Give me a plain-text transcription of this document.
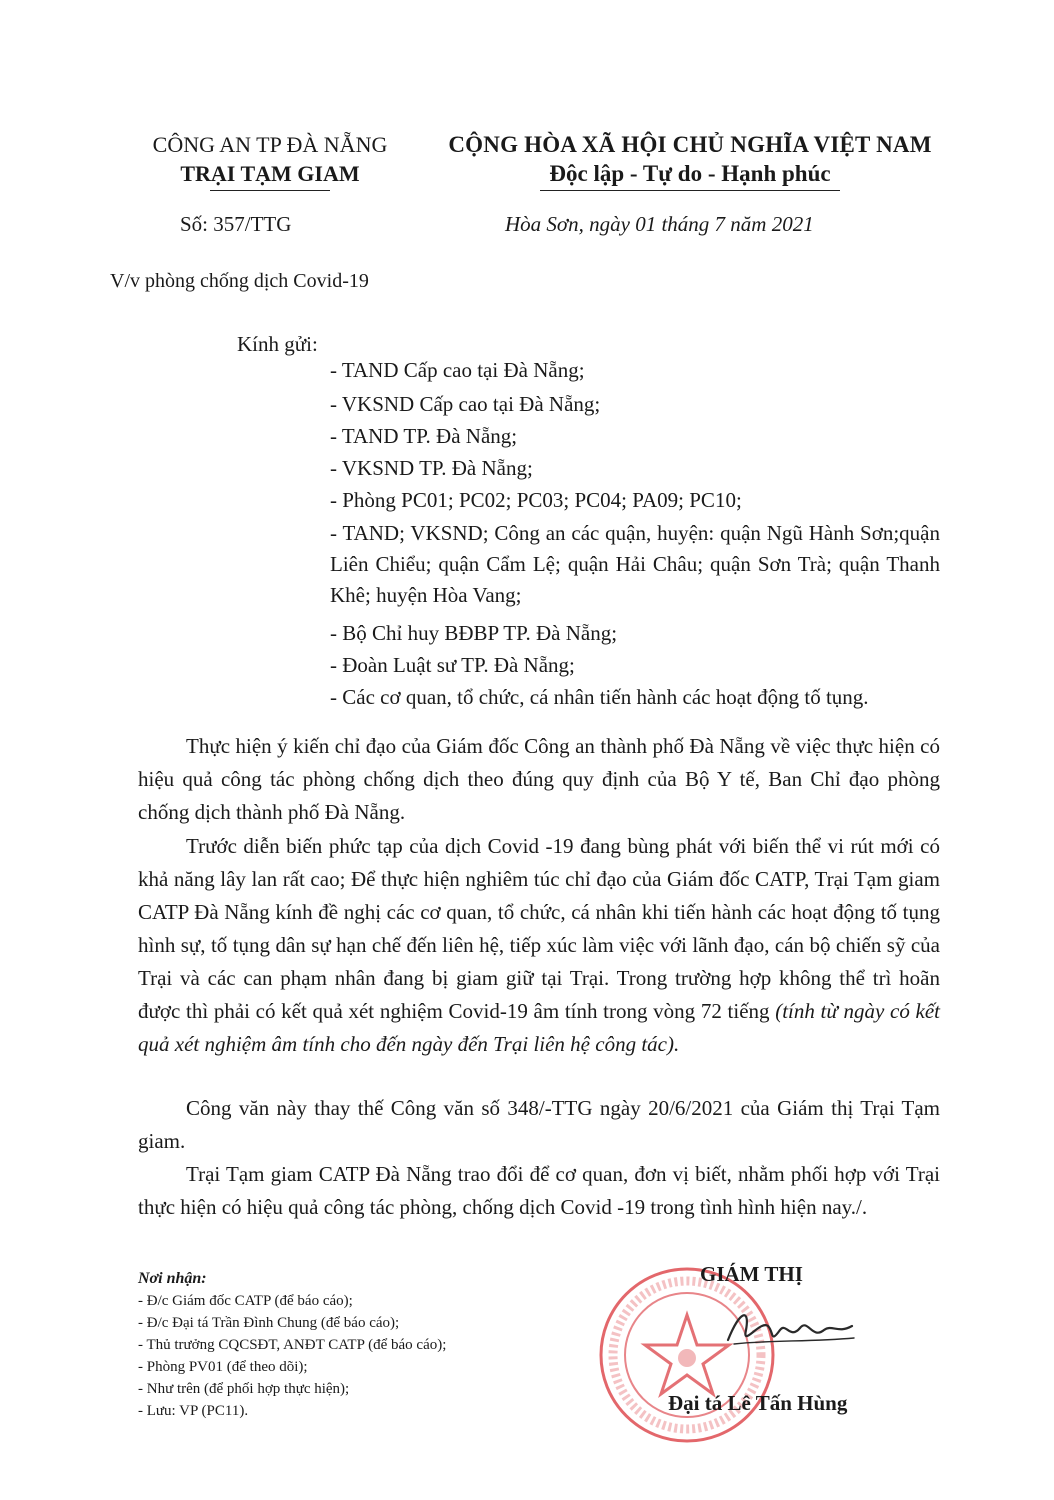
CÔNG AN TP ĐÀ NẴNG
TRẠI TẠM GIAM
CỘNG HÒA XÃ HỘI CHỦ NGHĨA VIỆT NAM
Độc lập - Tự do - Hạnh phúc
Số: 357/TTG	Hòa Sơn, ngày 01 tháng 7 năm 2021
V/v phòng chống dịch Covid-19
Kính gửi:
- TAND Cấp cao tại Đà Nẵng;
- VKSND Cấp cao tại Đà Nẵng;
- TAND TP. Đà Nẵng;
- VKSND TP. Đà Nẵng;
- Phòng PC01; PC02; PC03; PC04; PA09; PC10;
- TAND; VKSND; Công an các quận, huyện: quận Ngũ Hành Sơn;quận Liên Chiểu; quận Cẩm Lệ; quận Hải Châu; quận Sơn Trà; quận Thanh Khê; huyện Hòa Vang;
- Bộ Chỉ huy BĐBP TP. Đà Nẵng;
- Đoàn Luật sư TP. Đà Nẵng;
- Các cơ quan, tổ chức, cá nhân tiến hành các hoạt động tố tụng.

Thực hiện ý kiến chỉ đạo của Giám đốc Công an thành phố Đà Nẵng về việc thực hiện có hiệu quả công tác phòng chống dịch theo đúng quy định của Bộ Y tế, Ban Chỉ đạo phòng chống dịch thành phố Đà Nẵng.

Trước diễn biến phức tạp của dịch Covid -19 đang bùng phát với biến thể vi rút mới có khả năng lây lan rất cao; Để thực hiện nghiêm túc chỉ đạo của Giám đốc CATP, Trại Tạm giam CATP Đà Nẵng kính đề nghị các cơ quan, tổ chức, cá nhân khi tiến hành các hoạt động tố tụng hình sự, tố tụng dân sự hạn chế đến liên hệ, tiếp xúc làm việc với lãnh đạo, cán bộ chiến sỹ của Trại và các can phạm nhân đang bị giam giữ tại Trại. Trong trường hợp không thể trì hoãn được thì phải có kết quả xét nghiệm Covid-19 âm tính trong vòng 72 tiếng (tính từ ngày có kết quả xét nghiệm âm tính cho đến ngày đến Trại liên hệ công tác).

Công văn này thay thế Công văn số 348/-TTG ngày 20/6/2021 của Giám thị Trại Tạm giam.

Trại Tạm giam CATP Đà Nẵng trao đổi để cơ quan, đơn vị biết, nhằm phối hợp với Trại thực hiện có hiệu quả công tác phòng, chống dịch Covid -19 trong tình hình hiện nay./.

Nơi nhận:
- Đ/c Giám đốc CATP (để báo cáo);
- Đ/c Đại tá Trần Đình Chung (để báo cáo);
- Thủ trưởng CQCSĐT, ANĐT CATP (để báo cáo);
- Phòng PV01 (để theo dõi);
- Như trên (để phối hợp thực hiện);
- Lưu: VP (PC11).
GIÁM THỊ
Đại tá Lê Tấn Hùng
